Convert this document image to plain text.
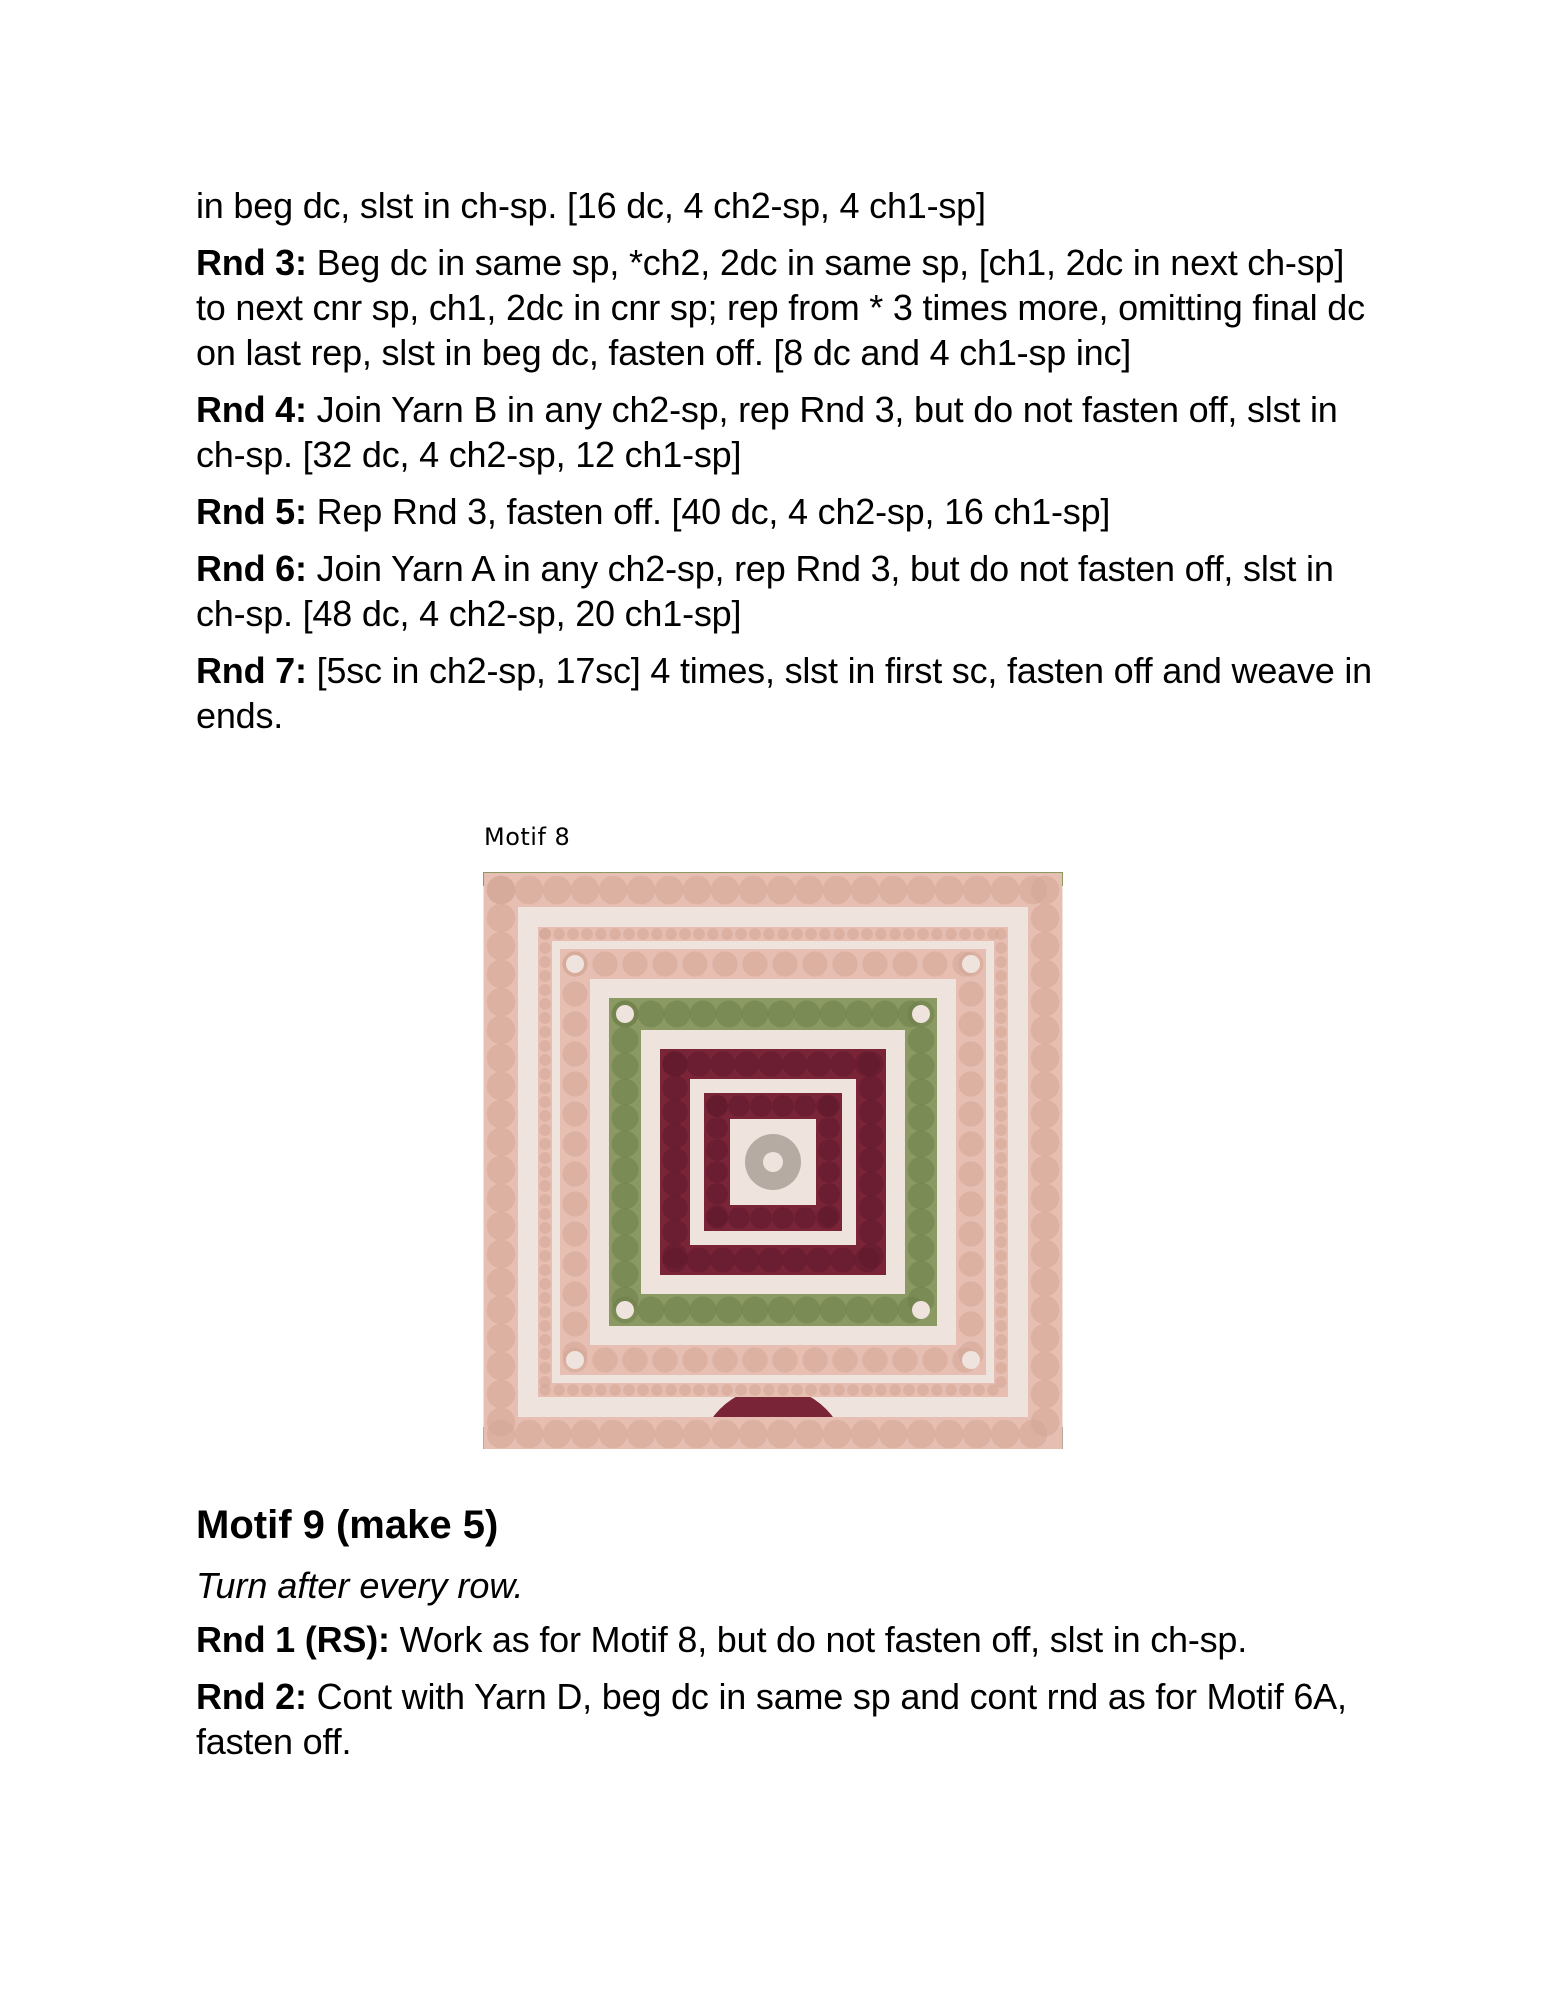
in beg dc, slst in ch-sp. [16 dc, 4 ch2-sp, 4 ch1-sp]

Rnd 3: Beg dc in same sp, *ch2, 2dc in same sp, [ch1, 2dc in next ch-sp] to next cnr sp, ch1, 2dc in cnr sp; rep from * 3 times more, omitting final dc on last rep, slst in beg dc, fasten off. [8 dc and 4 ch1-sp inc]

Rnd 4: Join Yarn B in any ch2-sp, rep Rnd 3, but do not fasten off, slst in ch-sp. [32 dc, 4 ch2-sp, 12 ch1-sp]

Rnd 5: Rep Rnd 3, fasten off. [40 dc, 4 ch2-sp, 16 ch1-sp]

Rnd 6: Join Yarn A in any ch2-sp, rep Rnd 3, but do not fasten off, slst in ch-sp. [48 dc, 4 ch2-sp, 20 ch1-sp]

Rnd 7: [5sc in ch2-sp, 17sc] 4 times, slst in first sc, fasten off and weave in ends.

Motif 8
Motif 9 (make 5)
Turn after every row.

Rnd 1 (RS): Work as for Motif 8, but do not fasten off, slst in ch-sp.

Rnd 2: Cont with Yarn D, beg dc in same sp and cont rnd as for Motif 6A, fasten off.
